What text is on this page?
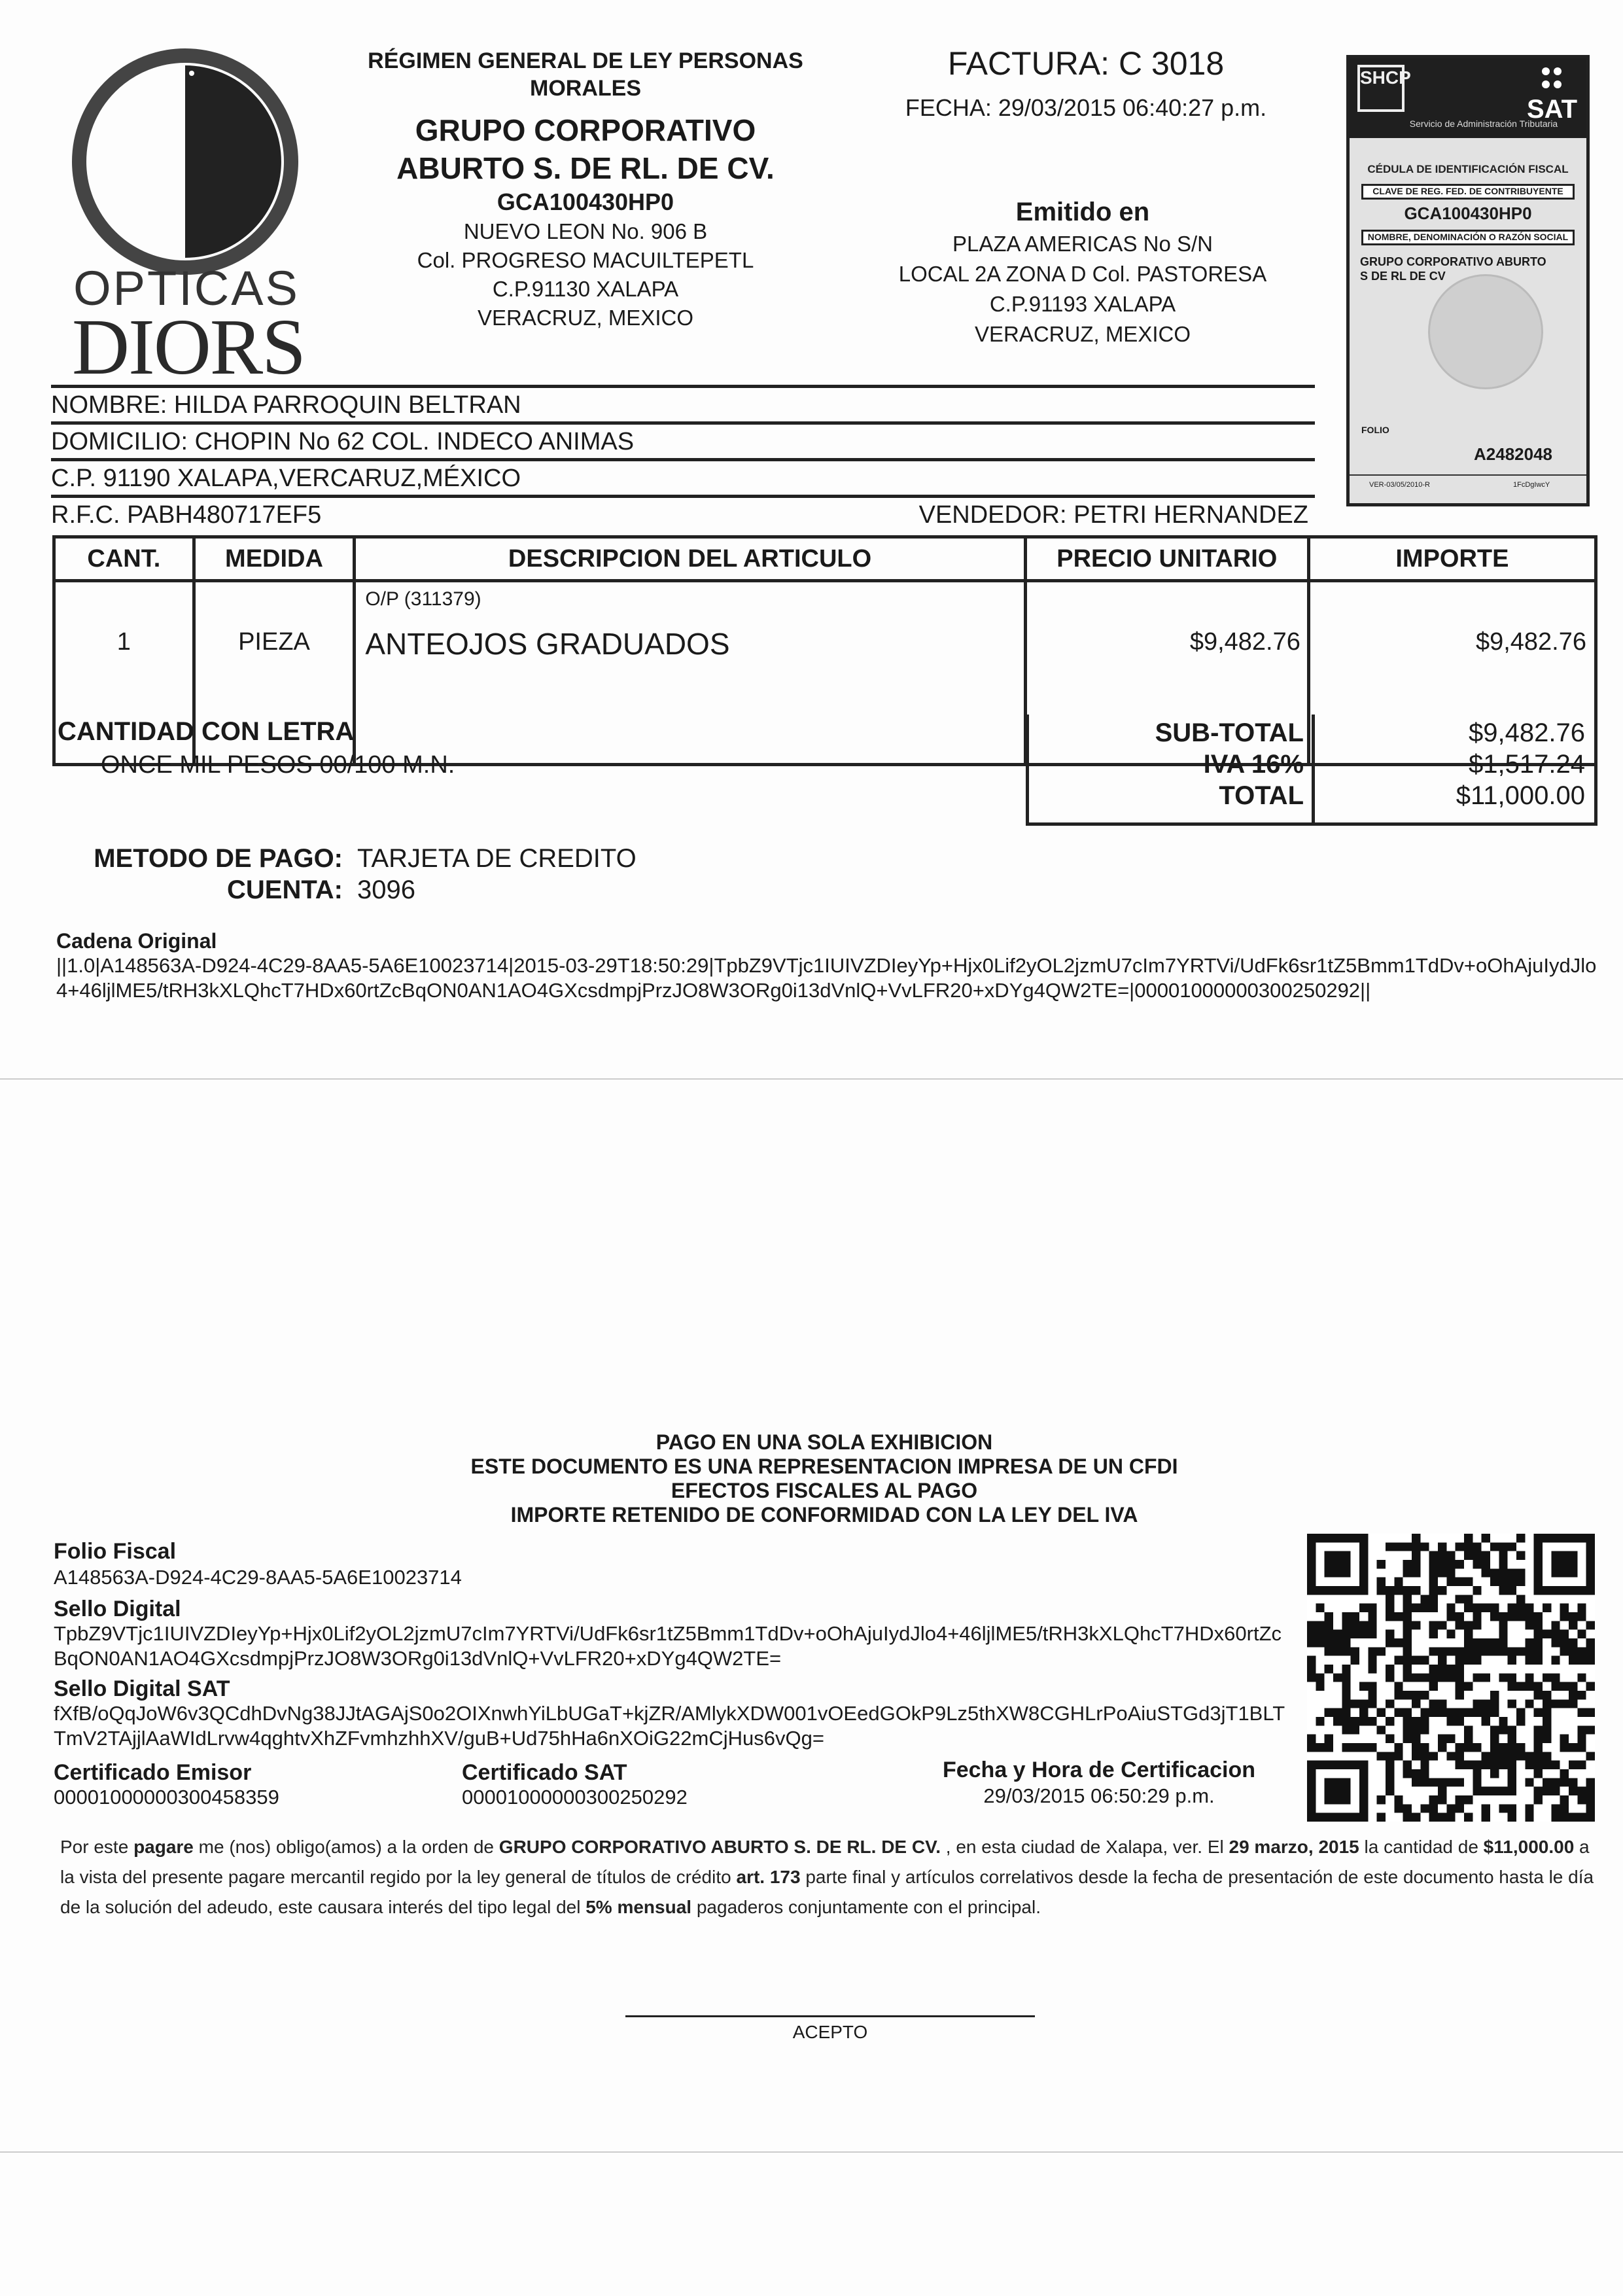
OPTICAS
DIORS
RÉGIMEN GENERAL DE LEY PERSONAS MORALES
GRUPO CORPORATIVO
ABURTO S. DE RL. DE CV.
GCA100430HP0
NUEVO LEON No. 906 B
Col. PROGRESO MACUILTEPETL
C.P.91130 XALAPA
VERACRUZ, MEXICO
FACTURA: C 3018
FECHA: 29/03/2015 06:40:27 p.m.
Emitido en
PLAZA AMERICAS No S/N
LOCAL 2A ZONA D Col. PASTORESA
C.P.91193 XALAPA
VERACRUZ, MEXICO
SHCP
SAT
Servicio de Administración Tributaria
CÉDULA DE IDENTIFICACIÓN FISCAL
CLAVE DE REG. FED. DE CONTRIBUYENTE
GCA100430HP0
NOMBRE, DENOMINACIÓN O RAZÓN SOCIAL
GRUPO CORPORATIVO ABURTO S DE RL DE CV
FOLIO
A2482048
VER-03/05/2010-R	1FcDgIwcY
NOMBRE: HILDA PARROQUIN BELTRAN
DOMICILIO: CHOPIN No 62 COL. INDECO ANIMAS
C.P. 91190 XALAPA,VERCARUZ,MÉXICO
R.F.C. PABH480717EF5	VENDEDOR: PETRI HERNANDEZ
CANT.	MEDIDA	DESCRIPCION DEL ARTICULO	PRECIO UNITARIO	IMPORTE
1	PIEZA	O/P (311379)
ANTEOJOS GRADUADOS	$9,482.76	$9,482.76
CANTIDAD CON LETRA
ONCE MIL PESOS 00/100 M.N.
SUB-TOTAL	$9,482.76
IVA 16%	$1,517.24
TOTAL	$11,000.00
METODO DE PAGO: TARJETA DE CREDITO
CUENTA: 3096
Cadena Original
||1.0|A148563A-D924-4C29-8AA5-5A6E10023714|2015-03-29T18:50:29|TpbZ9VTjc1IUIVZDIeyYp+Hjx0Lif2yOL2jzmU7cIm7YRTVi/UdFk6sr1tZ5Bmm1TdDv+oOhAjuIydJlo4+46ljlME5/tRH3kXLQhcT7HDx60rtZcBqON0AN1AO4GXcsdmpjPrzJO8W3ORg0i13dVnlQ+VvLFR20+xDYg4QW2TE=|00001000000300250292||
PAGO EN UNA SOLA EXHIBICION
ESTE DOCUMENTO ES UNA REPRESENTACION IMPRESA DE UN CFDI
EFECTOS FISCALES AL PAGO
IMPORTE RETENIDO DE CONFORMIDAD CON LA LEY DEL IVA
Folio Fiscal
A148563A-D924-4C29-8AA5-5A6E10023714
Sello Digital
TpbZ9VTjc1IUIVZDIeyYp+Hjx0Lif2yOL2jzmU7cIm7YRTVi/UdFk6sr1tZ5Bmm1TdDv+oOhAjuIydJlo4+46ljlME5/tRH3kXLQhcT7HDx60rtZcBqON0AN1AO4GXcsdmpjPrzJO8W3ORg0i13dVnlQ+VvLFR20+xDYg4QW2TE=
Sello Digital SAT
fXfB/oQqJoW6v3QCdhDvNg38JJtAGAjS0o2OIXnwhYiLbUGaT+kjZR/AMlykXDW001vOEedGOkP9Lz5thXW8CGHLrPoAiuSTGd3jT1BLTTmV2TAjjlAaWIdLrvw4qghtvXhZFvmhzhhXV/guB+Ud75hHa6nXOiG22mCjHus6vQg=
Certificado Emisor
00001000000300458359
Certificado SAT
00001000000300250292
Fecha y Hora de Certificacion
29/03/2015 06:50:29 p.m.
Por este pagare me (nos) obligo(amos) a la orden de GRUPO CORPORATIVO ABURTO S. DE RL. DE CV. , en esta ciudad de Xalapa, ver. El 29 marzo, 2015 la cantidad de $11,000.00 a la vista del presente pagare mercantil regido por la ley general de títulos de crédito art. 173 parte final y artículos correlativos desde la fecha de presentación de este documento hasta le día de la solución del adeudo, este causara interés del tipo legal del 5% mensual pagaderos conjuntamente con el principal.
ACEPTO
